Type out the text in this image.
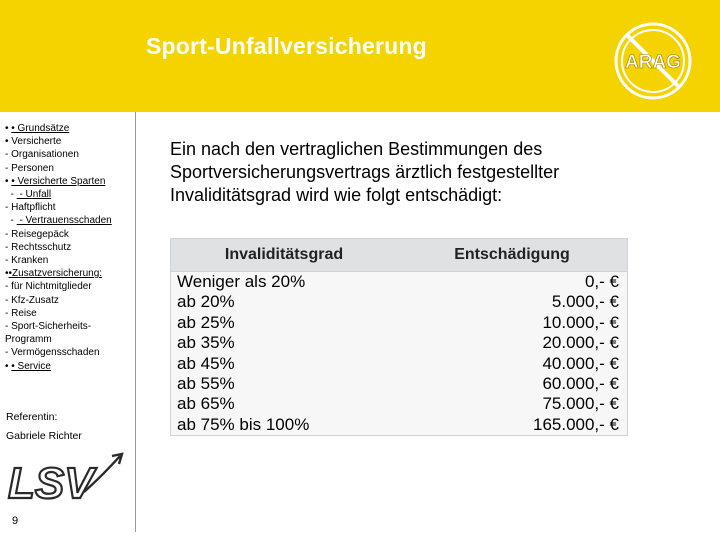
Sport-Unfallversicherung
ARAG
• • Grundsätze
• Versicherte
- Organisationen
- Personen
• • Versicherte Sparten
-  - Unfall
- Haftpflicht
-  - Vertrauensschaden
- Reisegepäck
- Rechtsschutz
- Kranken
••Zusatzversicherung:
- für Nichtmitglieder
- Kfz-Zusatz
- Reise
- Sport-Sicherheits-
Programm
- Vermögensschaden
• • Service
Referentin:
Gabriele Richter
LSV
9

Ein nach den vertraglichen Bestimmungen des Sportversicherungsvertrags ärztlich festgestellter Invaliditätsgrad wird wie folgt entschädigt:

Invaliditätsgrad	Entschädigung
Weniger als 20%	0,- €
ab 20%	5.000,- €
ab 25%	10.000,- €
ab 35%	20.000,- €
ab 45%	40.000,- €
ab 55%	60.000,- €
ab 65%	75.000,- €
ab 75% bis 100%	165.000,- €
